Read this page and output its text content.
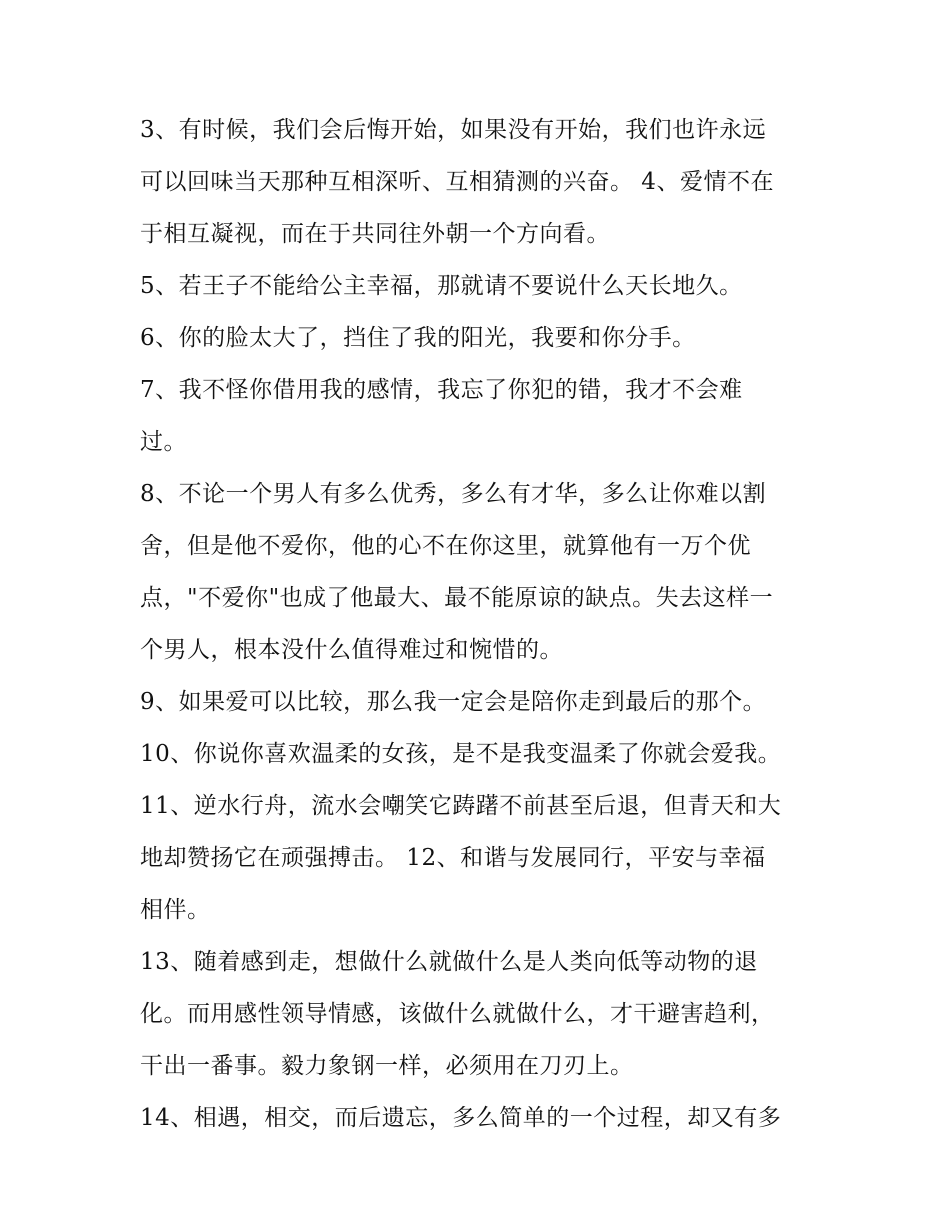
3、有时候，我们会后悔开始，如果没有开始，我们也许永远
可以回味当天那种互相深听、互相猜测的兴奋。 4、爱情不在
于相互凝视，而在于共同往外朝一个方向看。

5、若王子不能给公主幸福，那就请不要说什么天长地久。

6、你的脸太大了，挡住了我的阳光，我要和你分手。

7、我不怪你借用我的感情，我忘了你犯的错，我才不会难
过。

8、不论一个男人有多么优秀，多么有才华，多么让你难以割
舍，但是他不爱你，他的心不在你这里，就算他有一万个优
点，"不爱你"也成了他最大、最不能原谅的缺点。失去这样一
个男人，根本没什么值得难过和惋惜的。

9、如果爱可以比较，那么我一定会是陪你走到最后的那个。

10、你说你喜欢温柔的女孩，是不是我变温柔了你就会爱我。

11、逆水行舟，流水会嘲笑它踌躇不前甚至后退，但青天和大
地却赞扬它在顽强搏击。 12、和谐与发展同行，平安与幸福
相伴。

13、随着感到走，想做什么就做什么是人类向低等动物的退
化。而用感性领导情感，该做什么就做什么，才干避害趋利，
干出一番事。毅力象钢一样，必须用在刀刃上。

14、相遇，相交，而后遗忘，多么简单的一个过程，却又有多
